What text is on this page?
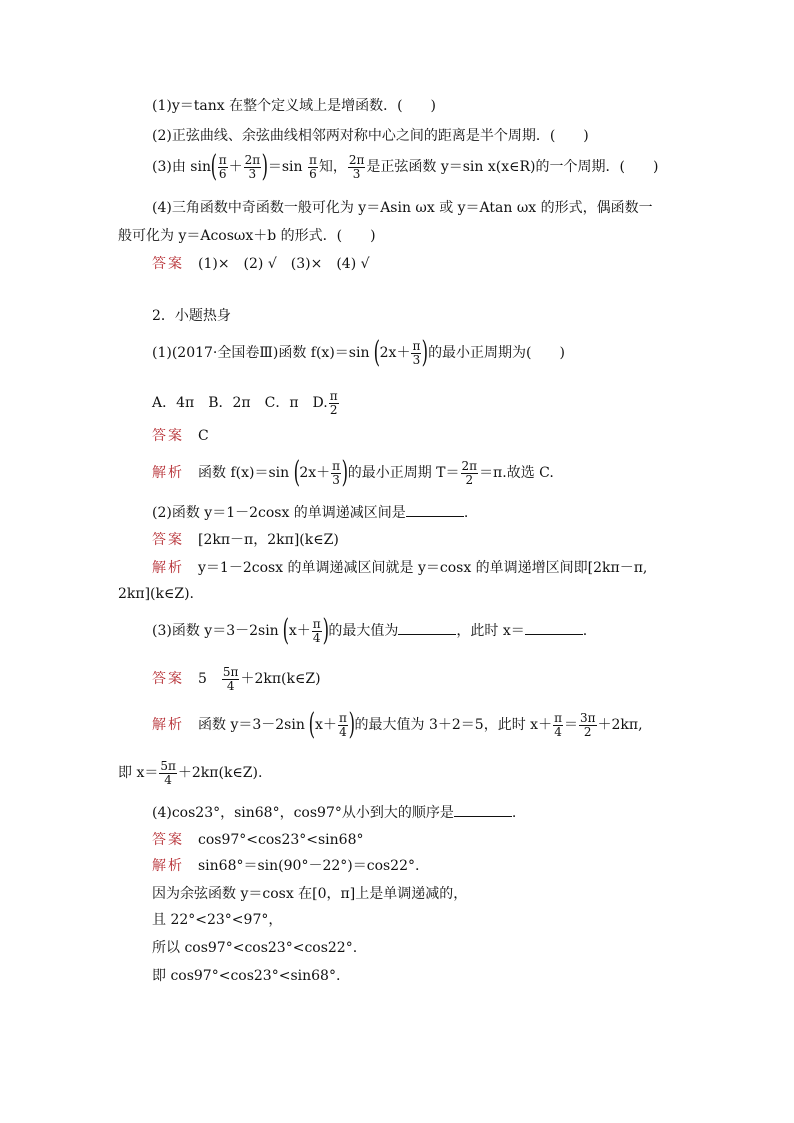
(1)y＝tanx 在整个定义域上是增函数．(　　)
(2)正弦曲线、余弦曲线相邻两对称中心之间的距离是半个周期．(　　)
(3)由 $\sin( \frac{\pi}{6} + \frac{2\pi}{3} )=\sin \frac{\pi}{6}$ 知， $\frac{2\pi}{3}$ 是正弦函数 y＝sin x(x∈R)的一个周期．(　　)
(4)三角函数中奇函数一般可化为 y＝Asin ωx 或 y＝Atan ωx 的形式，偶函数一
般可化为 y＝Acosωx＋b 的形式．(　　)
答案 (1)×　(2) √　(3)×　(4) √
2．小题热身
(1)(2017·全国卷Ⅲ)函数 f(x)＝sin ($2x+ \frac{\pi}{3}$ )的最小正周期为(　　)
A．4π　B．2π　C．π　D. $\frac{\pi}{2}$
答案 C
解析 函数 f(x)＝sin ($2x+ \frac{\pi}{3}$ )的最小正周期 $T= \frac{2\pi}{2} =\pi$.故选 C.
(2)函数 y＝1－2cosx 的单调递减区间是	.
答案 [2kπ－π，2kπ](k∈Z)
解析 y＝1－2cosx 的单调递减区间就是 y＝cosx 的单调递增区间即[2kπ－π,
2kπ](k∈Z).
(3)函数 y＝3－2sin ($x+ \frac{\pi}{4}$ )的最大值为	，此时 x＝	.
答案 5　 $\frac{5\pi}{4}$ ＋2kπ(k∈Z)
解析 函数 y＝3－2sin ($x+ \frac{\pi}{4}$ )的最大值为 3＋2＝5，此时 $x+ \frac{\pi}{4} = \frac{3\pi}{2} +2k\pi$,
即 $x= \frac{5\pi}{4}$ ＋2kπ(k∈Z).
(4)cos23°，sin68°，cos97°从小到大的顺序是	.
答案 cos97°<cos23°<sin68°
解析 sin68°＝sin(90°－22°)＝cos22°.
因为余弦函数 y＝cosx 在[0，π]上是单调递减的，
且 22°<23°<97°，
所以 cos97°<cos23°<cos22°.
即 cos97°<cos23°<sin68°.
